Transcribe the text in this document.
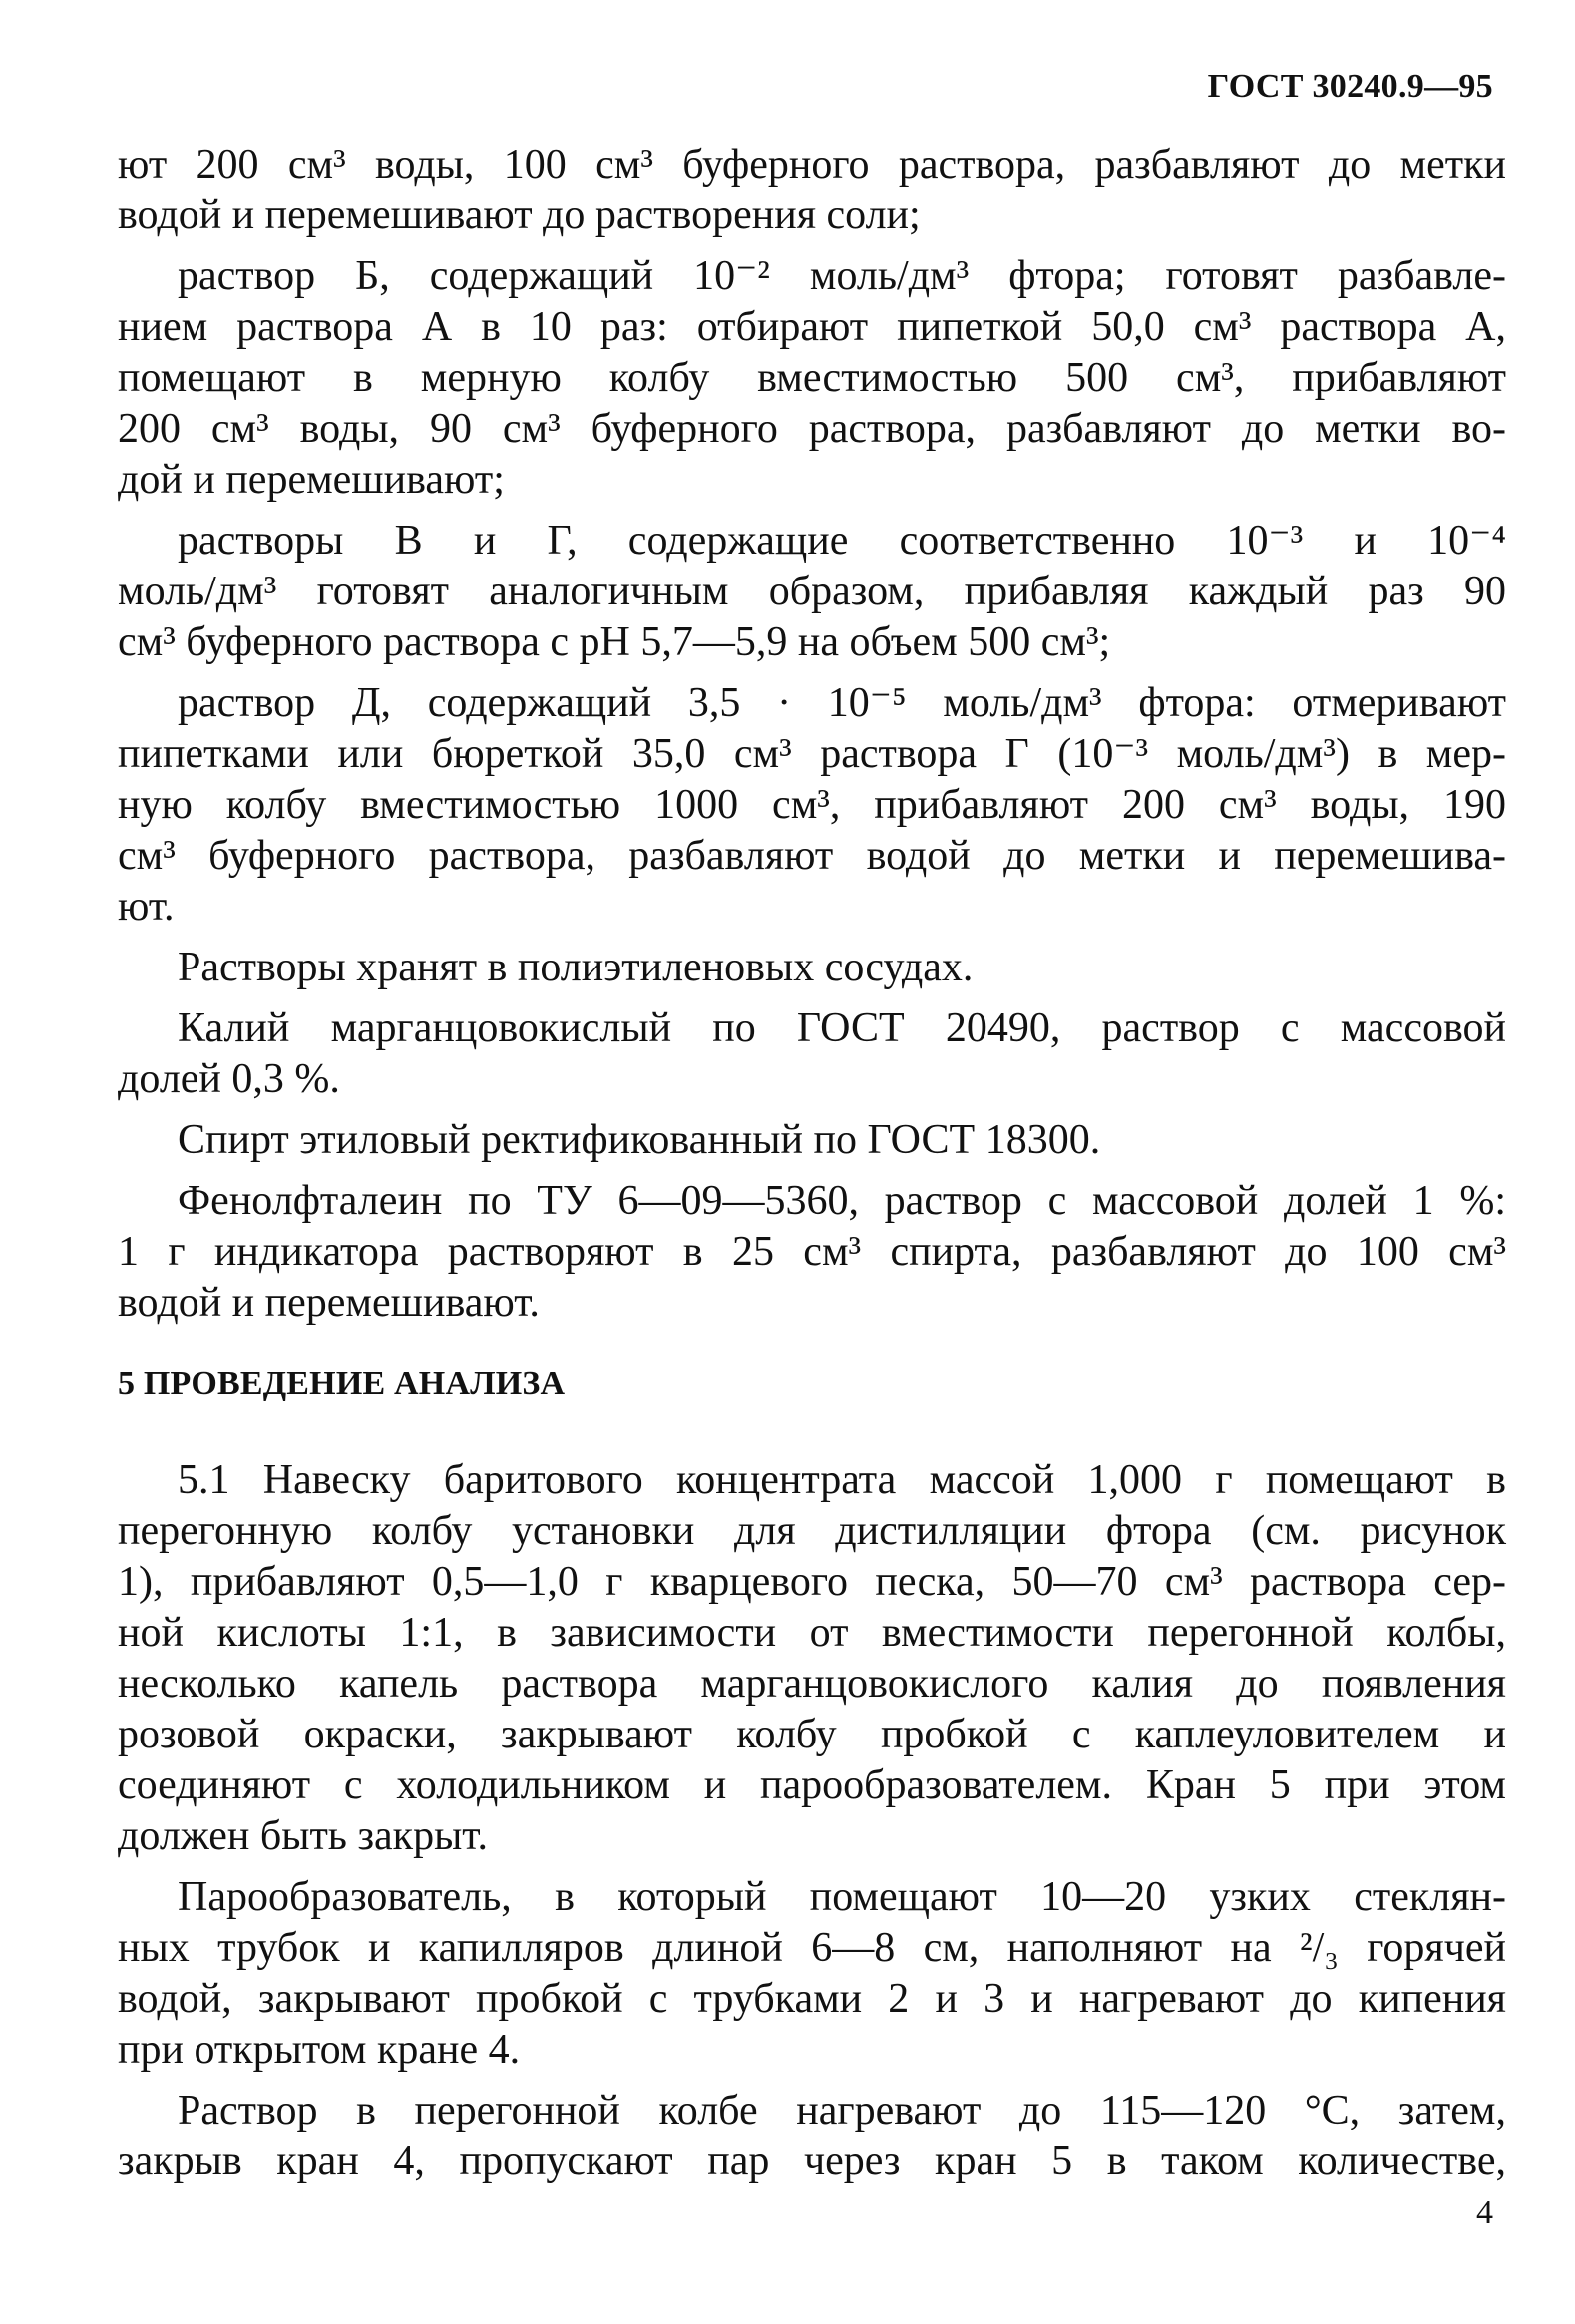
ГОСТ 30240.9—95
ют 200 см³ воды, 100 см³ буферного раствора, разбавляют до метки
водой и перемешивают до растворения соли;
раствор Б, содержащий 10⁻² моль/дм³ фтора; готовят разбавле-
нием раствора А в 10 раз: отбирают пипеткой 50,0 см³ раствора А,
помещают в мерную колбу вместимостью 500 см³, прибавляют
200 см³ воды, 90 см³ буферного раствора, разбавляют до метки во-
дой и перемешивают;
растворы В и Г, содержащие соответственно 10⁻³ и 10⁻⁴
моль/дм³ готовят аналогичным образом, прибавляя каждый раз 90
см³ буферного раствора с рН 5,7—5,9 на объем 500 см³;
раствор Д, содержащий 3,5 · 10⁻⁵ моль/дм³ фтора: отмеривают
пипетками или бюреткой 35,0 см³ раствора Г (10⁻³ моль/дм³) в мер-
ную колбу вместимостью 1000 см³, прибавляют 200 см³ воды, 190
см³ буферного раствора, разбавляют водой до метки и перемешива-
ют.
Растворы хранят в полиэтиленовых сосудах.
Калий марганцовокислый по ГОСТ 20490, раствор с массовой
долей 0,3 %.
Спирт этиловый ректификованный по ГОСТ 18300.
Фенолфталеин по ТУ 6—09—5360, раствор с массовой долей 1 %:
1 г индикатора растворяют в 25 см³ спирта, разбавляют до 100 см³
водой и перемешивают.
5 ПРОВЕДЕНИЕ АНАЛИЗА
5.1 Навеску баритового концентрата массой 1,000 г помещают в
перегонную колбу установки для дистилляции фтора (см. рисунок
1), прибавляют 0,5—1,0 г кварцевого песка, 50—70 см³ раствора сер-
ной кислоты 1:1, в зависимости от вместимости перегонной колбы,
несколько капель раствора марганцовокислого калия до появления
розовой окраски, закрывают колбу пробкой с каплеуловителем и
соединяют с холодильником и парообразователем. Кран 5 при этом
должен быть закрыт.
Парообразователь, в который помещают 10—20 узких стеклян-
ных трубок и капилляров длиной 6—8 см, наполняют на ²/₃ горячей
водой, закрывают пробкой с трубками 2 и 3 и нагревают до кипения
при открытом кране 4.
Раствор в перегонной колбе нагревают до 115—120 °С, затем,
закрыв кран 4, пропускают пар через кран 5 в таком количестве,
4
